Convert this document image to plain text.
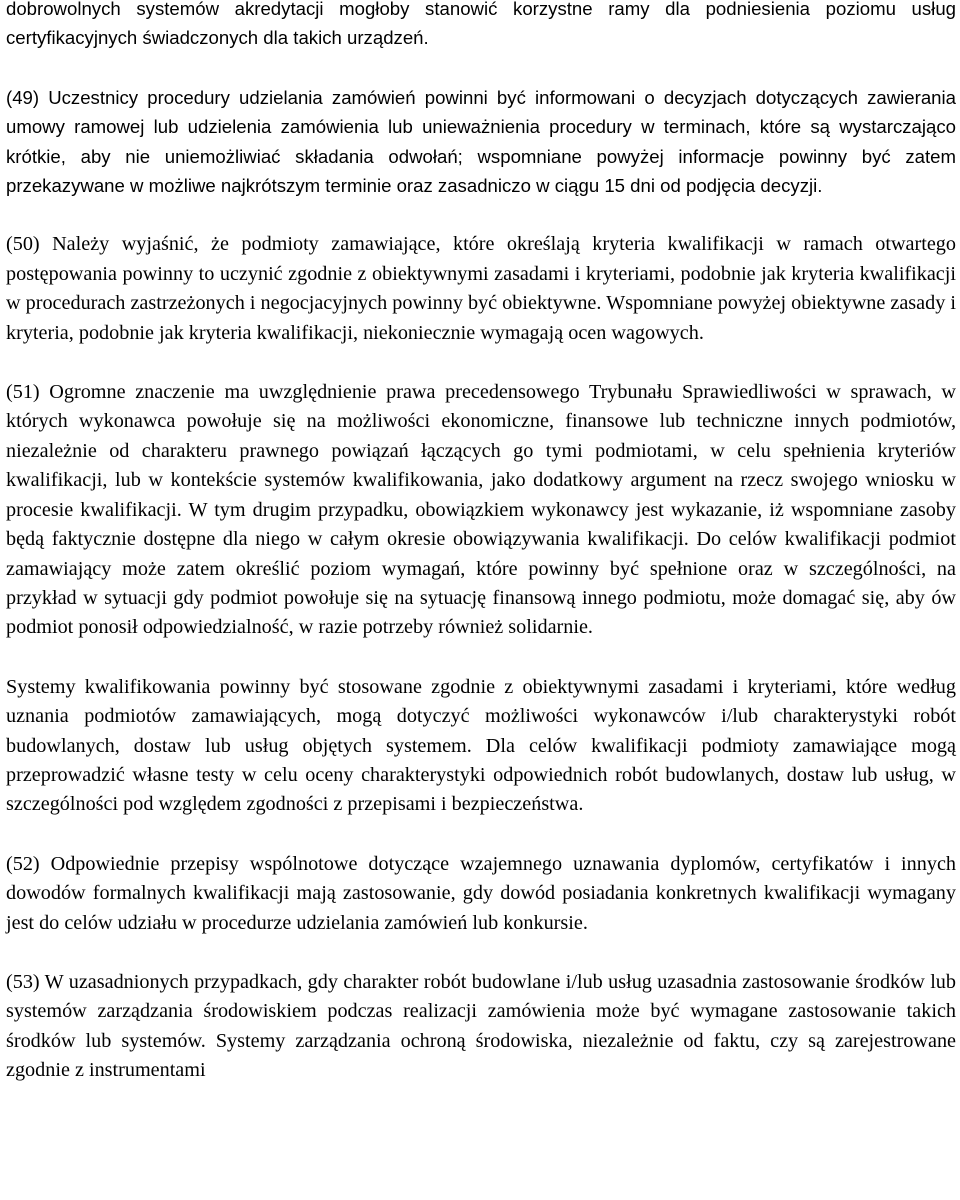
dobrowolnych systemów akredytacji mogłoby stanowić korzystne ramy dla podniesienia poziomu usług certyfikacyjnych świadczonych dla takich urządzeń.

(49) Uczestnicy procedury udzielania zamówień powinni być informowani o decyzjach dotyczących zawierania umowy ramowej lub udzielenia zamówienia lub unieważnienia procedury w terminach, które są wystarczająco krótkie, aby nie uniemożliwiać składania odwołań; wspomniane powyżej informacje powinny być zatem przekazywane w możliwe najkrótszym terminie oraz zasadniczo w ciągu 15 dni od podjęcia decyzji.

(50) Należy wyjaśnić, że podmioty zamawiające, które określają kryteria kwalifikacji w ramach otwartego postępowania powinny to uczynić zgodnie z obiektywnymi zasadami i kryteriami, podobnie jak kryteria kwalifikacji w procedurach zastrzeżonych i negocjacyjnych powinny być obiektywne. Wspomniane powyżej obiektywne zasady i kryteria, podobnie jak kryteria kwalifikacji, niekoniecznie wymagają ocen wagowych.

(51) Ogromne znaczenie ma uwzględnienie prawa precedensowego Trybunału Sprawiedliwości w sprawach, w których wykonawca powołuje się na możliwości ekonomiczne, finansowe lub techniczne innych podmiotów, niezależnie od charakteru prawnego powiązań łączących go tymi podmiotami, w celu spełnienia kryteriów kwalifikacji, lub w kontekście systemów kwalifikowania, jako dodatkowy argument na rzecz swojego wniosku w procesie kwalifikacji. W tym drugim przypadku, obowiązkiem wykonawcy jest wykazanie, iż wspomniane zasoby będą faktycznie dostępne dla niego w całym okresie obowiązywania kwalifikacji. Do celów kwalifikacji podmiot zamawiający może zatem określić poziom wymagań, które powinny być spełnione oraz w szczególności, na przykład w sytuacji gdy podmiot powołuje się na sytuację finansową innego podmiotu, może domagać się, aby ów podmiot ponosił odpowiedzialność, w razie potrzeby również solidarnie.

Systemy kwalifikowania powinny być stosowane zgodnie z obiektywnymi zasadami i kryteriami, które według uznania podmiotów zamawiających, mogą dotyczyć możliwości wykonawców i/lub charakterystyki robót budowlanych, dostaw lub usług objętych systemem. Dla celów kwalifikacji podmioty zamawiające mogą przeprowadzić własne testy w celu oceny charakterystyki odpowiednich robót budowlanych, dostaw lub usług, w szczególności pod względem zgodności z przepisami i bezpieczeństwa.

(52) Odpowiednie przepisy wspólnotowe dotyczące wzajemnego uznawania dyplomów, certyfikatów i innych dowodów formalnych kwalifikacji mają zastosowanie, gdy dowód posiadania konkretnych kwalifikacji wymagany jest do celów udziału w procedurze udzielania zamówień lub konkursie.

(53) W uzasadnionych przypadkach, gdy charakter robót budowlane i/lub usług uzasadnia zastosowanie środków lub systemów zarządzania środowiskiem podczas realizacji zamówienia może być wymagane zastosowanie takich środków lub systemów. Systemy zarządzania ochroną środowiska, niezależnie od faktu, czy są zarejestrowane zgodnie z instrumentami
